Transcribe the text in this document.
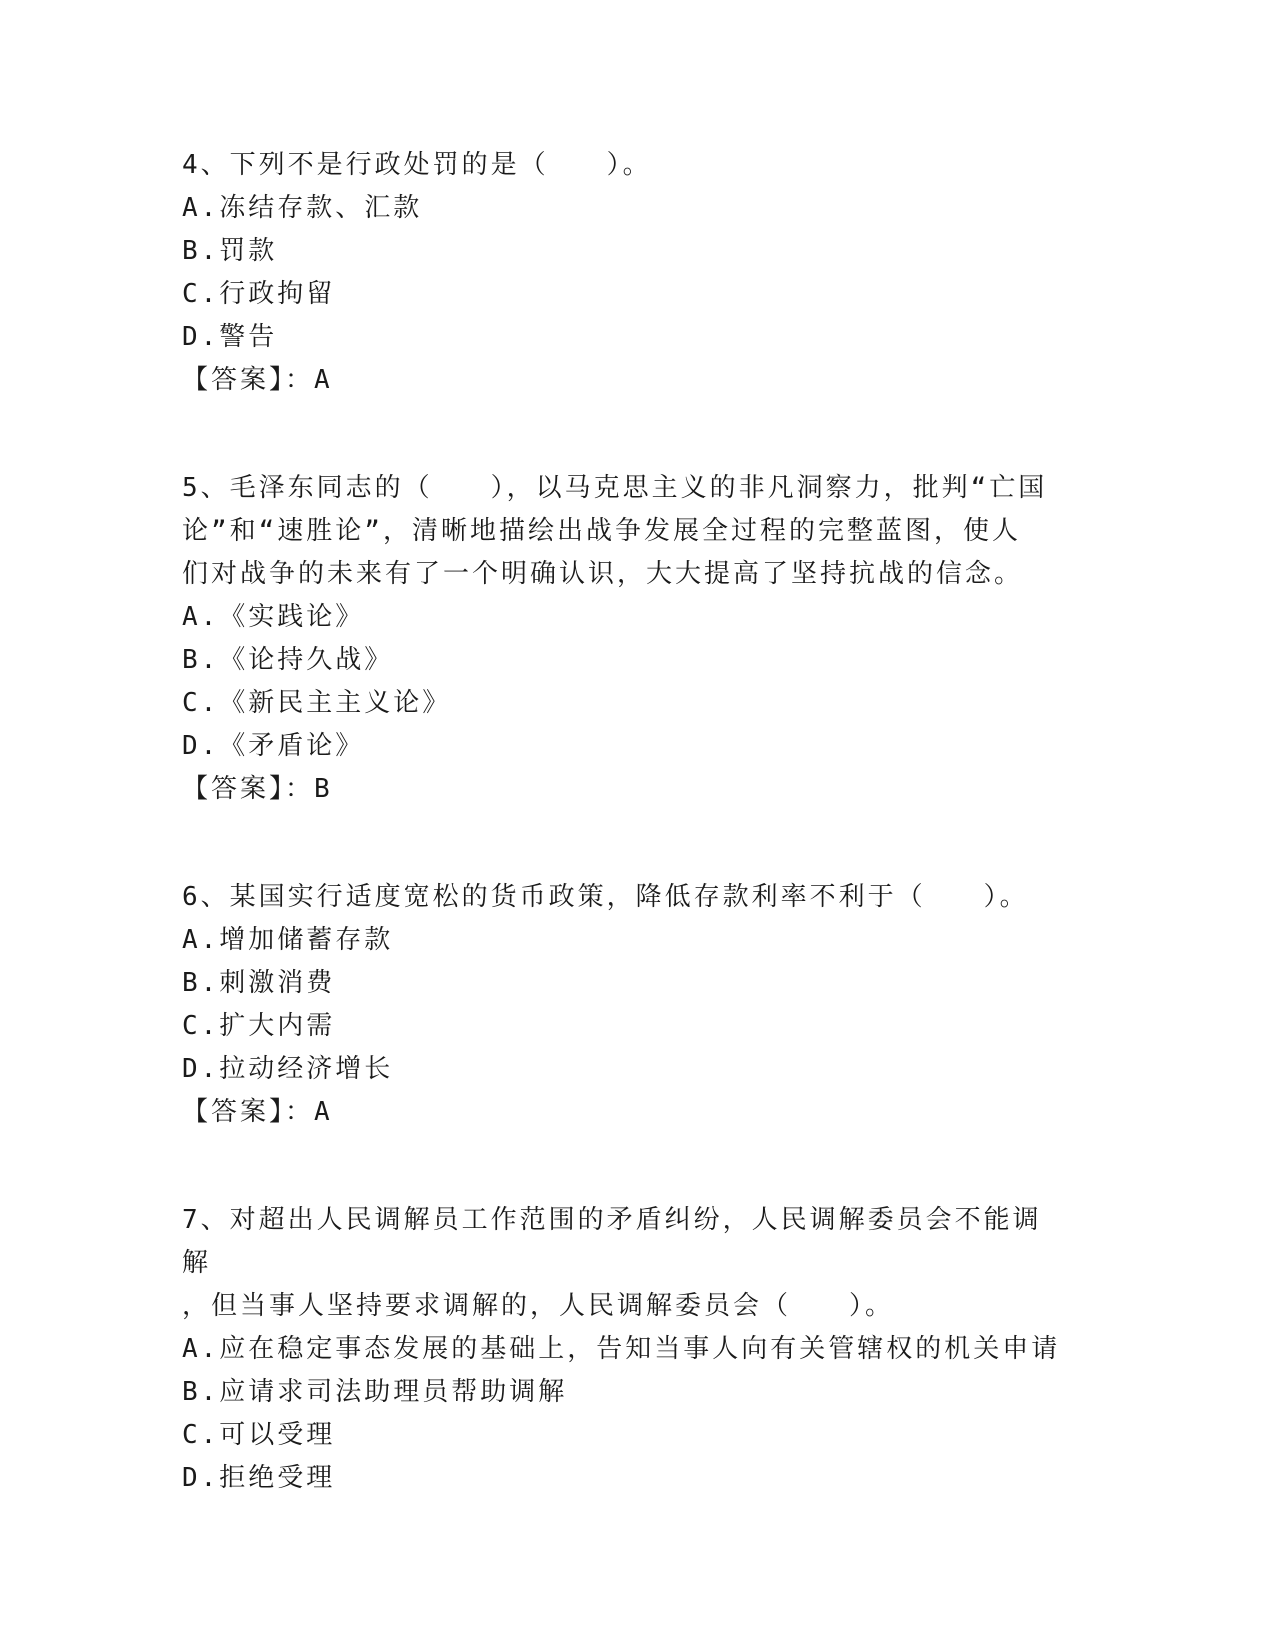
4、下列不是行政处罚的是（　　）。

A.冻结存款、汇款

B.罚款

C.行政拘留

D.警告

【答案】：A

5、毛泽东同志的（　　），以马克思主义的非凡洞察力，批判“亡国

论”和“速胜论”，清晰地描绘出战争发展全过程的完整蓝图，使人

们对战争的未来有了一个明确认识，大大提高了坚持抗战的信念。

A.《实践论》

B.《论持久战》

C.《新民主主义论》

D.《矛盾论》

【答案】：B

6、某国实行适度宽松的货币政策，降低存款利率不利于（　　）。

A.增加储蓄存款

B.刺激消费

C.扩大内需

D.拉动经济增长

【答案】：A

7、对超出人民调解员工作范围的矛盾纠纷，人民调解委员会不能调解

，但当事人坚持要求调解的，人民调解委员会（　　）。

A.应在稳定事态发展的基础上，告知当事人向有关管辖权的机关申请

B.应请求司法助理员帮助调解

C.可以受理

D.拒绝受理
